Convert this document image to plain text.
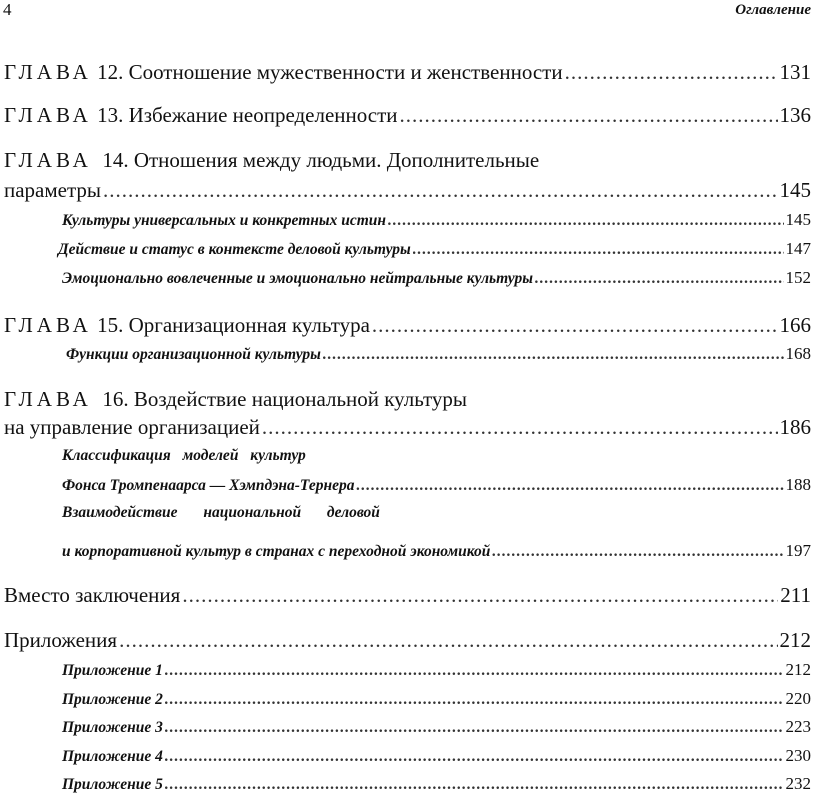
4	Оглавление
ГЛАВА
12. Соотношение мужественности и женственности .....	131
ГЛАВА
13. Избежание неопределенности .....	136
ГЛАВА 14. Отношения между людьми. Дополнительные
параметры .....	145
Культуры универсальных и конкретных истин .....	145
Действие и статус в контексте деловой культуры .....	147
Эмоционально вовлеченные и эмоционально нейтральные культуры .....	152
ГЛАВА
15. Организационная культура .....	166
Функции организационной культуры .....	168
ГЛАВА 16. Воздействие национальной культуры
на управление организацией .....	186
Классификация моделей культур
Фонса Тромпенаарса — Хэмпдэна-Тернера .....	188
Взаимодействие национальной деловой
и корпоративной культур в странах с переходной экономикой .....	197
Вместо заключения .....	211
Приложения .....	212
Приложение 1 .....	212
Приложение 2 .....	220
Приложение 3 .....	223
Приложение 4 .....	230
Приложение 5 .....	232
